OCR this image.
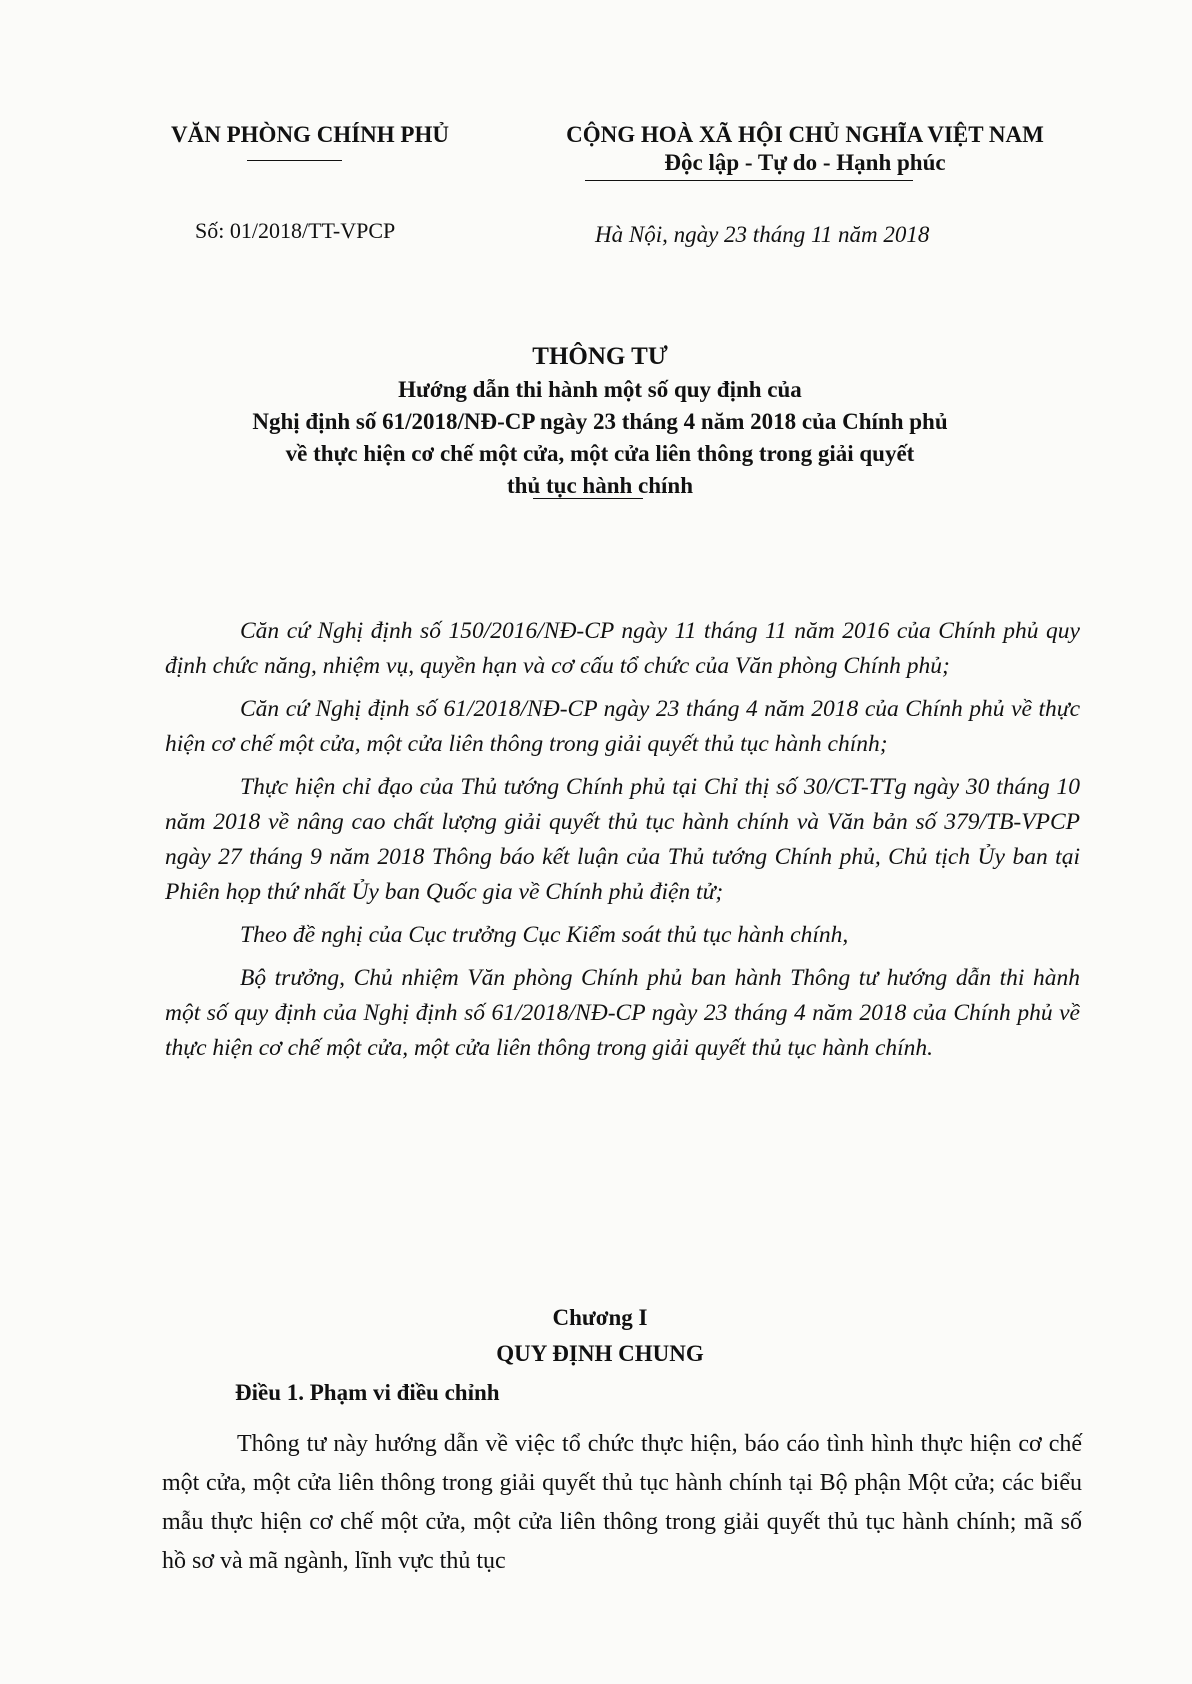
VĂN PHÒNG CHÍNH PHỦ	CỘNG HOÀ XÃ HỘI CHỦ NGHĨA VIỆT NAM
Độc lập - Tự do - Hạnh phúc
Số: 01/2018/TT-VPCP	Hà Nội, ngày 23 tháng 11 năm 2018
THÔNG TƯ
Hướng dẫn thi hành một số quy định của
Nghị định số 61/2018/NĐ-CP ngày 23 tháng 4 năm 2018 của Chính phủ
về thực hiện cơ chế một cửa, một cửa liên thông trong giải quyết
thủ tục hành chính

Căn cứ Nghị định số 150/2016/NĐ-CP ngày 11 tháng 11 năm 2016 của Chính phủ quy định chức năng, nhiệm vụ, quyền hạn và cơ cấu tổ chức của Văn phòng Chính phủ;

Căn cứ Nghị định số 61/2018/NĐ-CP ngày 23 tháng 4 năm 2018 của Chính phủ về thực hiện cơ chế một cửa, một cửa liên thông trong giải quyết thủ tục hành chính;

Thực hiện chỉ đạo của Thủ tướng Chính phủ tại Chỉ thị số 30/CT-TTg ngày 30 tháng 10 năm 2018 về nâng cao chất lượng giải quyết thủ tục hành chính và Văn bản số 379/TB-VPCP ngày 27 tháng 9 năm 2018 Thông báo kết luận của Thủ tướng Chính phủ, Chủ tịch Ủy ban tại Phiên họp thứ nhất Ủy ban Quốc gia về Chính phủ điện tử;

Theo đề nghị của Cục trưởng Cục Kiểm soát thủ tục hành chính,

Bộ trưởng, Chủ nhiệm Văn phòng Chính phủ ban hành Thông tư hướng dẫn thi hành một số quy định của Nghị định số 61/2018/NĐ-CP ngày 23 tháng 4 năm 2018 của Chính phủ về thực hiện cơ chế một cửa, một cửa liên thông trong giải quyết thủ tục hành chính.

Chương I
QUY ĐỊNH CHUNG
Điều 1. Phạm vi điều chỉnh

Thông tư này hướng dẫn về việc tổ chức thực hiện, báo cáo tình hình thực hiện cơ chế một cửa, một cửa liên thông trong giải quyết thủ tục hành chính tại Bộ phận Một cửa; các biểu mẫu thực hiện cơ chế một cửa, một cửa liên thông trong giải quyết thủ tục hành chính; mã số hồ sơ và mã ngành, lĩnh vực thủ tục
